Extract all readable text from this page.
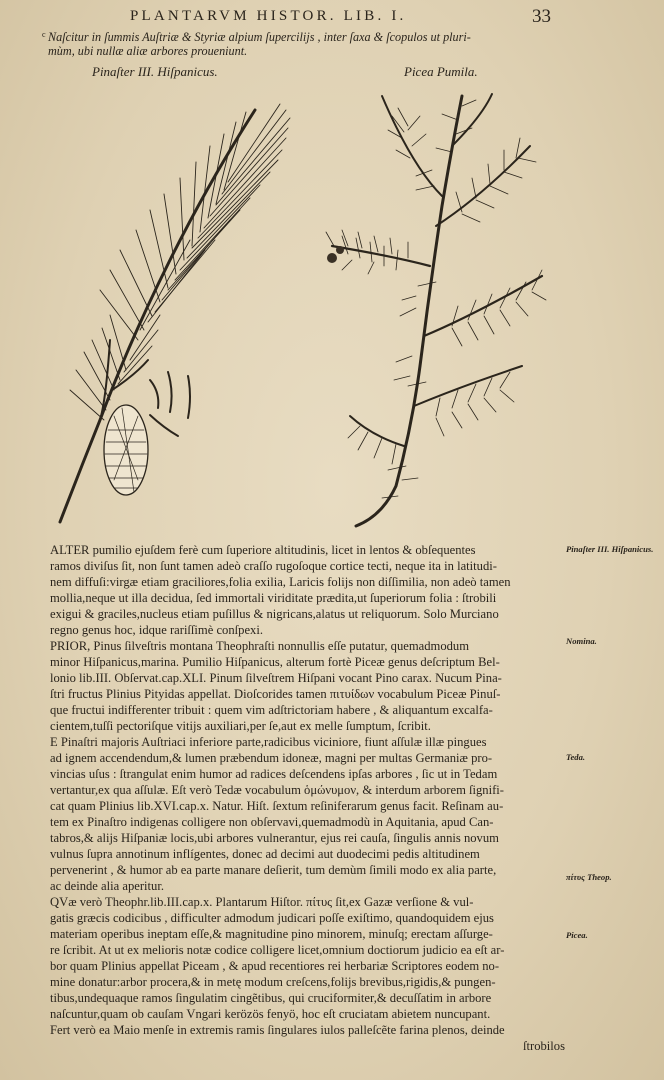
PLANTARVM HISTOR. LIB. I.	33
c Naſcitur in ſummis Auſtriæ & Styriæ alpium ſupercilijs , inter ſaxa & ſcopulos ut pluri-
mùm, ubi nullæ aliæ arbores proueniunt.
Pinaſter III. Hiſpanicus.	Picea Pumila.
ALTER pumilio ejuſdem ferè cum ſuperiore altitudinis, licet in lentos & obſequentes
ramos diviſus ſit, non ſunt tamen adeò craſſo rugoſoque cortice tecti, neque ita in latitudi-
nem diffuſi:virgæ etiam graciliores,folia exilia, Laricis folijs non diſſimilia, non adeò tamen
mollia,neque ut illa decidua, ſed immortali viriditate prædita,ut ſuperiorum folia : ſtrobili
exigui & graciles,nucleus etiam puſillus & nigricans,alatus ut reliquorum. Solo Murciano
regno genus hoc, idque rariſſimè conſpexi.
PRIOR, Pinus ſilveſtris montana Theophraſti nonnullis eſſe putatur, quemadmodum
minor Hiſpanicus,marina. Pumilio Hiſpanicus, alterum fortè Piceæ genus deſcriptum Bel-
lonio lib.III. Obſervat.cap.XLI. Pinum ſilveſtrem Hiſpani vocant Pino carax. Nucum Pina-
ſtri fructus Plinius Pityidas appellat. Dioſcorides tamen πιτυίδων vocabulum Piceæ Pinuſ-
que fructui indifferenter tribuit : quem vim adſtrictoriam habere , & aliquantum excalfa-
cientem,tuſſi pectoriſque vitijs auxiliari,per ſe,aut ex melle ſumptum, ſcribit.
E Pinaſtri majoris Auſtriaci inferiore parte,radicibus viciniore, fiunt aſſulæ illæ pingues
ad ignem accendendum,& lumen præbendum idoneæ, magni per multas Germaniæ pro-
vincias uſus : ſtrangulat enim humor ad radices deſcendens ipſas arbores , ſic ut in Tedam
vertantur,ex qua aſſulæ. Eſt verò Tedæ vocabulum ὁμώνυμον, & interdum arborem ſignifi-
cat quam Plinius lib.XVI.cap.x. Natur. Hiſt. ſextum reſiniferarum genus facit. Reſinam au-
tem ex Pinaſtro indigenas colligere non obſervavi,quemadmodù in Aquitania, apud Can-
tabros,& alijs Hiſpaniæ locis,ubi arbores vulnerantur, ejus rei cauſa, ſingulis annis novum
vulnus ſupra annotinum inflígentes, donec ad decimi aut duodecimi pedis altitudinem
pervenerint , & humor ab ea parte manare deſierit, tum demùm ſimili modo ex alia parte,
ac deinde alia aperitur.
QVæ verò Theophr.lib.III.cap.x. Plantarum Hiſtor. πίτυς ſit,ex Gazæ verſione & vul-
gatis græcis codicibus , difficulter admodum judicari poſſe exiſtimo, quandoquidem ejus
materiam operibus ineptam eſſe,& magnitudine pino minorem, minuſq; erectam aſſurge-
re ſcribit. At ut ex melioris notæ codice colligere licet,omnium doctiorum judicio ea eſt ar-
bor quam Plinius appellat Piceam , & apud recentiores rei herbariæ Scriptores eodem no-
mine donatur:arbor procera,& in metę modum creſcens,folijs brevibus,rigidis,& pungen-
tibus,undequaque ramos ſingulatim cingẽtibus, qui cruciformiter,& decuſſatim in arbore
naſcuntur,quam ob cauſam Vngari kerözös fenyö, hoc eſt cruciatam abietem nuncupant.
Fert verò ea Maio menſe in extremis ramis ſingulares iulos palleſcẽte farina plenos, deinde
ſtrobilos
Pinaſter III. Hiſpanicus.
Nomina.
Teda.
πίτυς Theop.
Picea.
